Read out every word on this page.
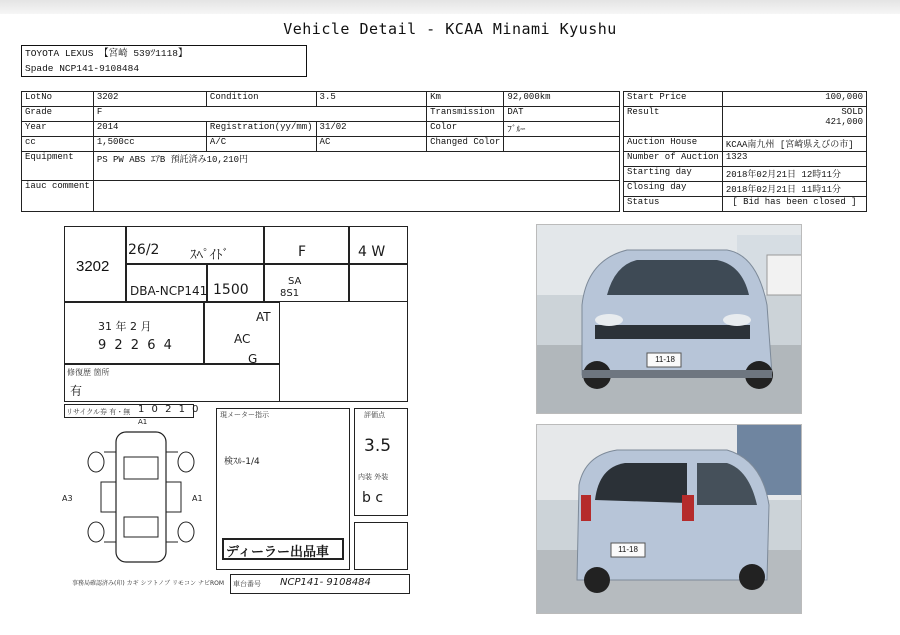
Vehicle Detail - KCAA Minami Kyushu
TOYOTA LEXUS 【宮崎 539ﾂ1118】
Spade NCP141-9108484
LotNo	3202	Condition	3.5	Km	92,000km
Grade	F			Transmission	DAT
Year	2014	Registration(yy/mm)	31/02	Color	ﾌﾞﾙｰ
cc	1,500cc	A/C	AC	Changed Color	
Equipment	PS PW ABS ｴｱB 預託済み10,210円				
iauc comment					
Start Price	100,000
Result	SOLD
421,000

Auction House	KCAA南九州 [宮崎県えびの市]
Number of Auction	1323
Starting day	2018年02月21日 12時11分
Closing day	2018年02月21日 11時11分
Status	[ Bid has been closed ]
3202
26/2 ｽﾍﾟｲﾄﾞ	F	4 W
DBA-NCP141 1500
SA
8S1
31 年 2 月
9 2 2 6 4
AT
AC
G
修復歴 箇所
有
リサイクル券 有・無 1 0 2 1 0
A3	A1
A1
事務局確認済み(印) カギ シフトノブ リモコン ナビROM
現メーター指示
検ｽﾙ-1/4
ディーラー出品車
評価点
3.5
内装 外装
b c
車台番号 NCP141- 9108484
11-18
11-18
